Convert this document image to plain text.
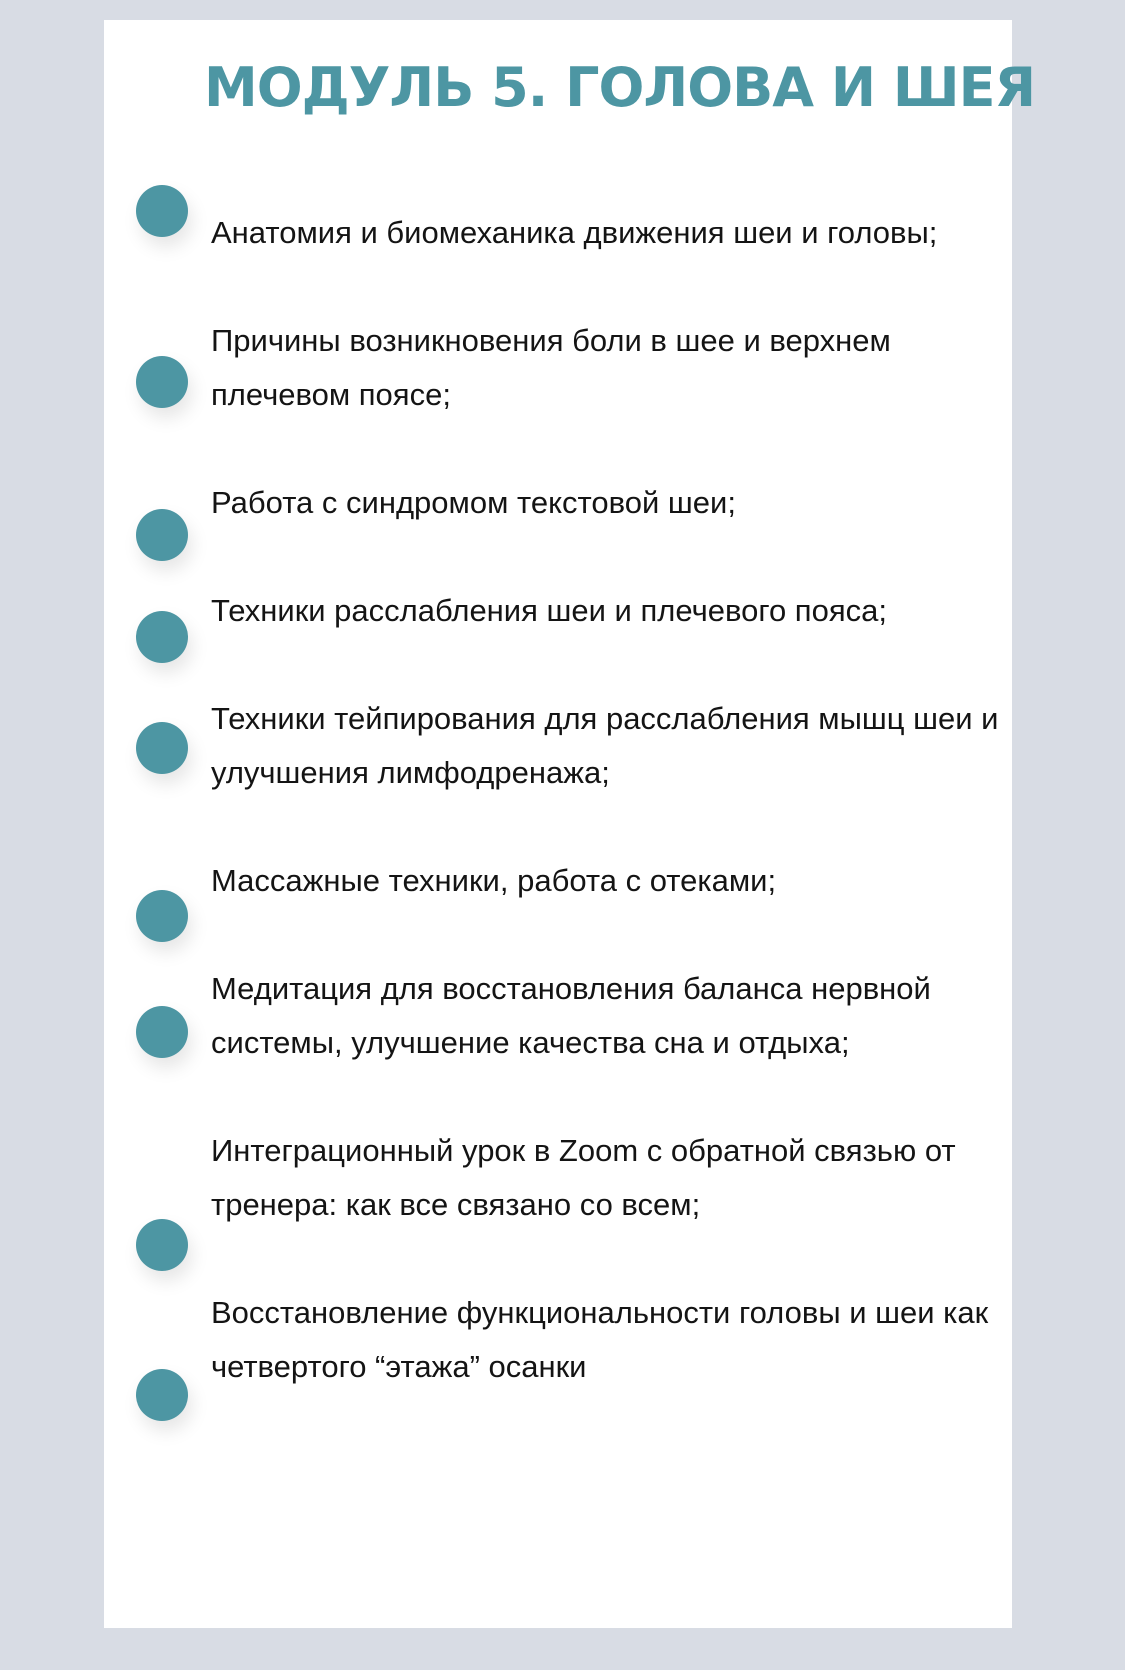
МОДУЛЬ 5. ГОЛОВА И ШЕЯ

Анатомия и биомеханика движения шеи и головы;

Причины возникновения боли в шее и верхнем плечевом поясе;

Работа с синдромом текстовой шеи;

Техники расслабления шеи и плечевого пояса;

Техники тейпирования для расслабления мышц шеи и улучшения лимфодренажа;

Массажные техники, работа с отеками;

Медитация для восстановления баланса нервной системы, улучшение качества сна и отдыха;

Интеграционный урок в Zoom с обратной связью от тренера: как все связано со всем;

Восстановление функциональности головы и шеи как четвертого “этажа” осанки
